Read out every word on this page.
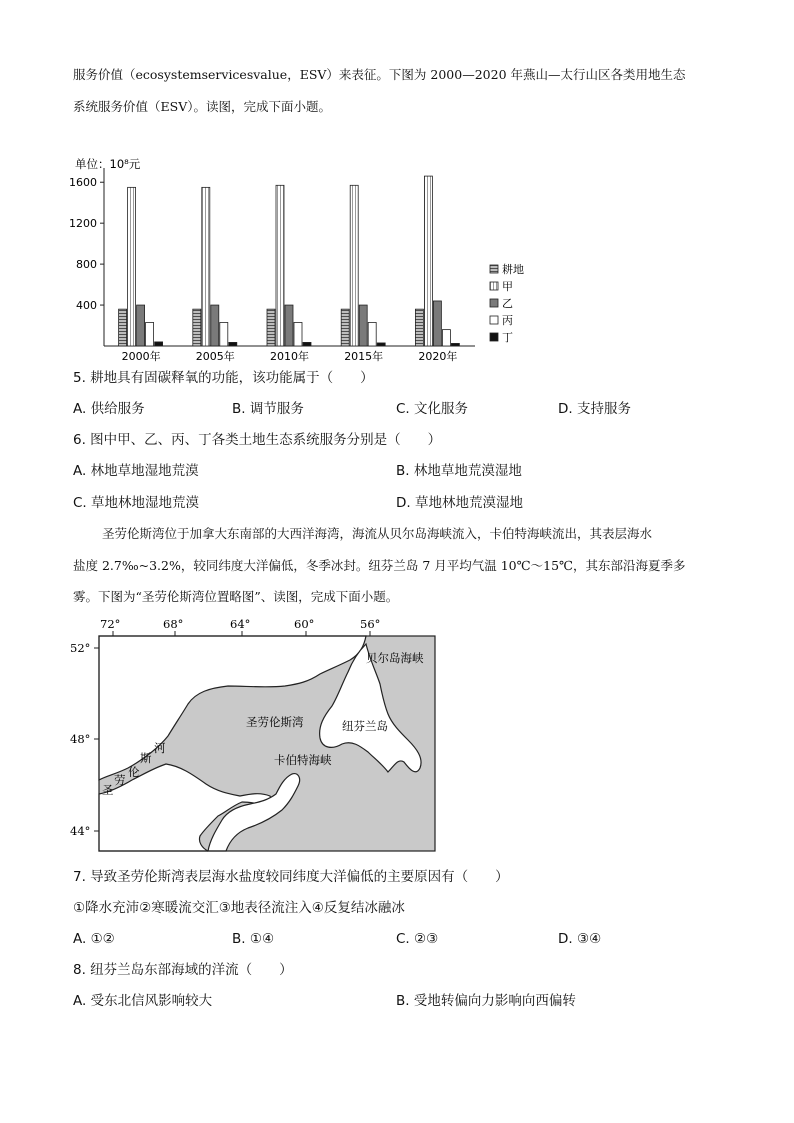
服务价值（ecosystemservicesvalue，ESV）来表征。下图为 2000—2020 年燕山—太行山区各类用地生态
系统服务价值（ESV）。读图，完成下面小题。
单位：10⁸元
400
800
1200
1600
2000年	2005年	2010年	2015年	2020年
耕地
甲
乙
丙
丁
5. 耕地具有固碳释氧的功能，该功能属于（　　）
A. 供给服务	B. 调节服务	C. 文化服务	D. 支持服务
6. 图中甲、乙、丙、丁各类土地生态系统服务分别是（　　）
A. 林地草地湿地荒漠	B. 林地草地荒漠湿地
C. 草地林地湿地荒漠	D. 草地林地荒漠湿地
圣劳伦斯湾位于加拿大东南部的大西洋海湾，海流从贝尔岛海峡流入，卡伯特海峡流出，其表层海水
盐度 2.7‰~3.2%，较同纬度大洋偏低，冬季冰封。纽芬兰岛 7 月平均气温 10℃～15℃，其东部沿海夏季多
雾。下图为“圣劳伦斯湾位置略图”、读图，完成下面小题。
72°	68°	64°	60°	56°
52°
48°
44°
贝尔岛海峡
圣劳伦斯湾	纽芬兰岛
卡伯特海峡
河
斯
伦
劳
圣
7. 导致圣劳伦斯湾表层海水盐度较同纬度大洋偏低的主要原因有（　　）
①降水充沛②寒暖流交汇③地表径流注入④反复结冰融冰
A. ①②	B. ①④	C. ②③	D. ③④
8. 纽芬兰岛东部海域的洋流（　　）
A. 受东北信风影响较大	B. 受地转偏向力影响向西偏转
